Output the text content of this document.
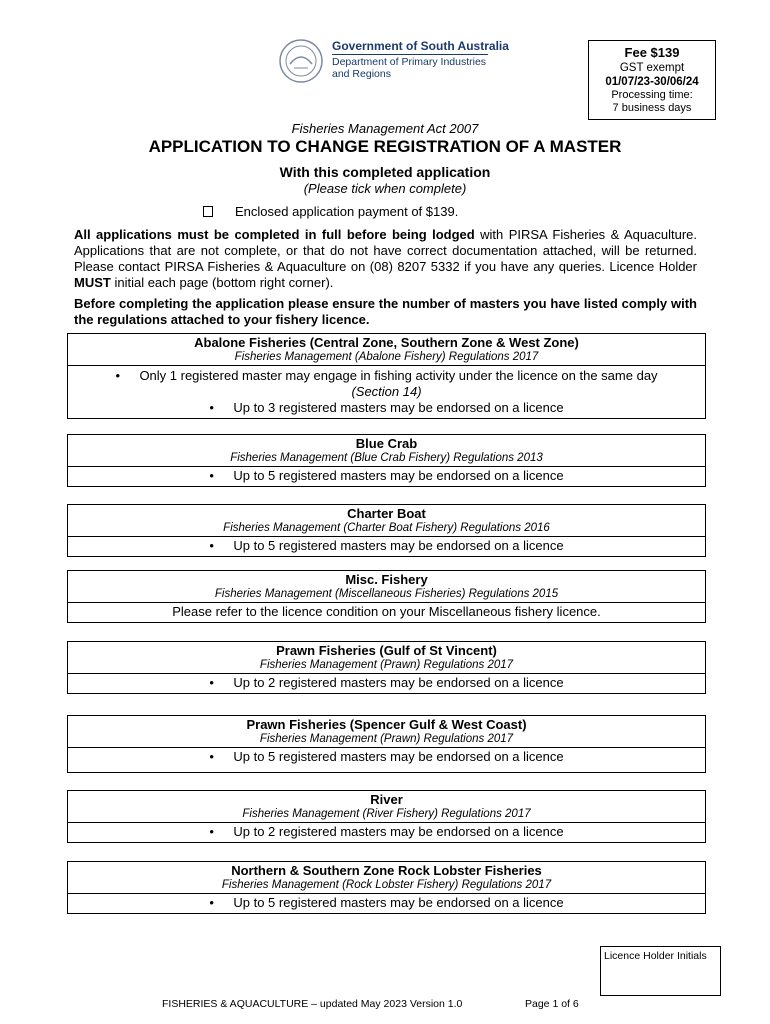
Government of South Australia
Department of Primary Industries
and Regions
Fee $139
GST exempt
01/07/23-30/06/24
Processing time:
7 business days
Fisheries Management Act 2007
APPLICATION TO CHANGE REGISTRATION OF A MASTER
With this completed application
(Please tick when complete)
Enclosed application payment of $139.
All applications must be completed in full before being lodged with PIRSA Fisheries & Aquaculture. Applications that are not complete, or that do not have correct documentation attached, will be returned. Please contact PIRSA Fisheries & Aquaculture on (08) 8207 5332 if you have any queries. Licence Holder MUST initial each page (bottom right corner).
Before completing the application please ensure the number of masters you have listed comply with the regulations attached to your fishery licence.
Abalone Fisheries (Central Zone, Southern Zone & West Zone)
Fisheries Management (Abalone Fishery) Regulations 2017
• Only 1 registered master may engage in fishing activity under the licence on the same day
(Section 14)
• Up to 3 registered masters may be endorsed on a licence
Blue Crab
Fisheries Management (Blue Crab Fishery) Regulations 2013
• Up to 5 registered masters may be endorsed on a licence
Charter Boat
Fisheries Management (Charter Boat Fishery) Regulations 2016
• Up to 5 registered masters may be endorsed on a licence
Misc. Fishery
Fisheries Management (Miscellaneous Fisheries) Regulations 2015
Please refer to the licence condition on your Miscellaneous fishery licence.
Prawn Fisheries (Gulf of St Vincent)
Fisheries Management (Prawn) Regulations 2017
• Up to 2 registered masters may be endorsed on a licence
Prawn Fisheries (Spencer Gulf & West Coast)
Fisheries Management (Prawn) Regulations 2017
• Up to 5 registered masters may be endorsed on a licence
River
Fisheries Management (River Fishery) Regulations 2017
• Up to 2 registered masters may be endorsed on a licence
Northern & Southern Zone Rock Lobster Fisheries
Fisheries Management (Rock Lobster Fishery) Regulations 2017
• Up to 5 registered masters may be endorsed on a licence
Licence Holder Initials
FISHERIES & AQUACULTURE – updated May 2023 Version 1.0	Page 1 of 6
